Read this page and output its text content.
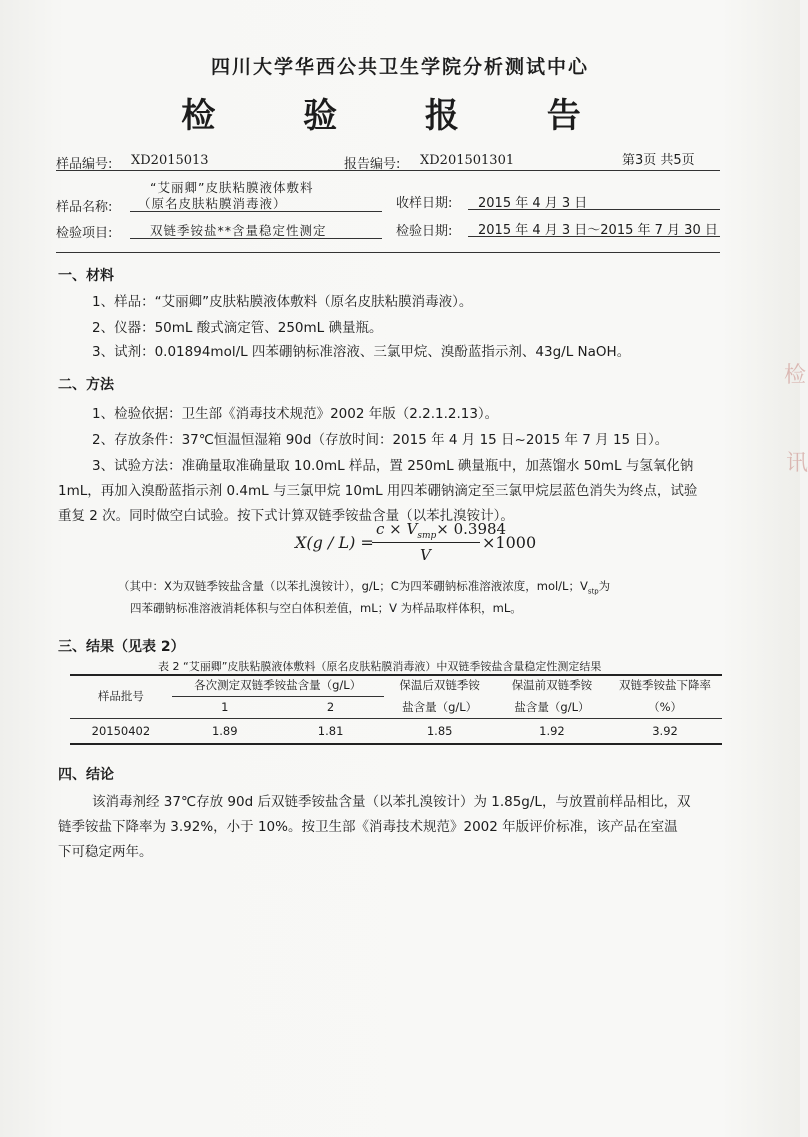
四川大学华西公共卫生学院分析测试中心
检 验 报 告
样品编号: XD2015013	报告编号: XD201501301	第3页 共5页
样品名称:
“艾丽卿”皮肤粘膜液体敷料
（原名皮肤粘膜消毒液）	收样日期: 2015 年 4 月 3 日
检验项目:	双链季铵盐**含量稳定性测定	检验日期: 2015 年 4 月 3 日～2015 年 7 月 30 日
一、材料
1、样品：“艾丽卿”皮肤粘膜液体敷料（原名皮肤粘膜消毒液）。
2、仪器：50mL 酸式滴定管、250mL 碘量瓶。
3、试剂：0.01894mol/L 四苯硼钠标准溶液、三氯甲烷、溴酚蓝指示剂、43g/L NaOH。
二、方法
1、检验依据：卫生部《消毒技术规范》2002 年版（2.2.1.2.13）。
2、存放条件：37℃恒温恒湿箱 90d（存放时间：2015 年 4 月 15 日~2015 年 7 月 15 日）。
3、试验方法：准确量取准确量取 10.0mL 样品，置 250mL 碘量瓶中，加蒸馏水 50mL 与氢氧化钠
1mL，再加入溴酚蓝指示剂 0.4mL 与三氯甲烷 10mL 用四苯硼钠滴定至三氯甲烷层蓝色消失为终点，试验
重复 2 次。同时做空白试验。按下式计算双链季铵盐含量（以苯扎溴铵计）。
X(g / L) =
$c \times V_{sтр}\times 0.3984$
V
×1000
（其中：X为双链季铵盐含量（以苯扎溴铵计），g/L；C为四苯硼钠标准溶液浓度，mol/L；$V_{stp}$为
四苯硼钠标准溶液消耗体积与空白体积差值，mL；V 为样品取样体积，mL。
三、结果（见表 2）
表 2 “艾丽卿”皮肤粘膜液体敷料（原名皮肤粘膜消毒液）中双链季铵盐含量稳定性测定结果
样品批号	各次测定双链季铵盐含量（g/L）		保温后双链季铵	保温前双链季铵	双链季铵盐下降率
	1	2	盐含量（g/L）	盐含量（g/L）	（%）
20150402	1.89	1.81	1.85	1.92	3.92
四、结论
该消毒剂经 37℃存放 90d 后双链季铵盐含量（以苯扎溴铵计）为 1.85g/L，与放置前样品相比，双
链季铵盐下降率为 3.92%，小于 10%。按卫生部《消毒技术规范》2002 年版评价标准，该产品在室温
下可稳定两年。
检
讯
